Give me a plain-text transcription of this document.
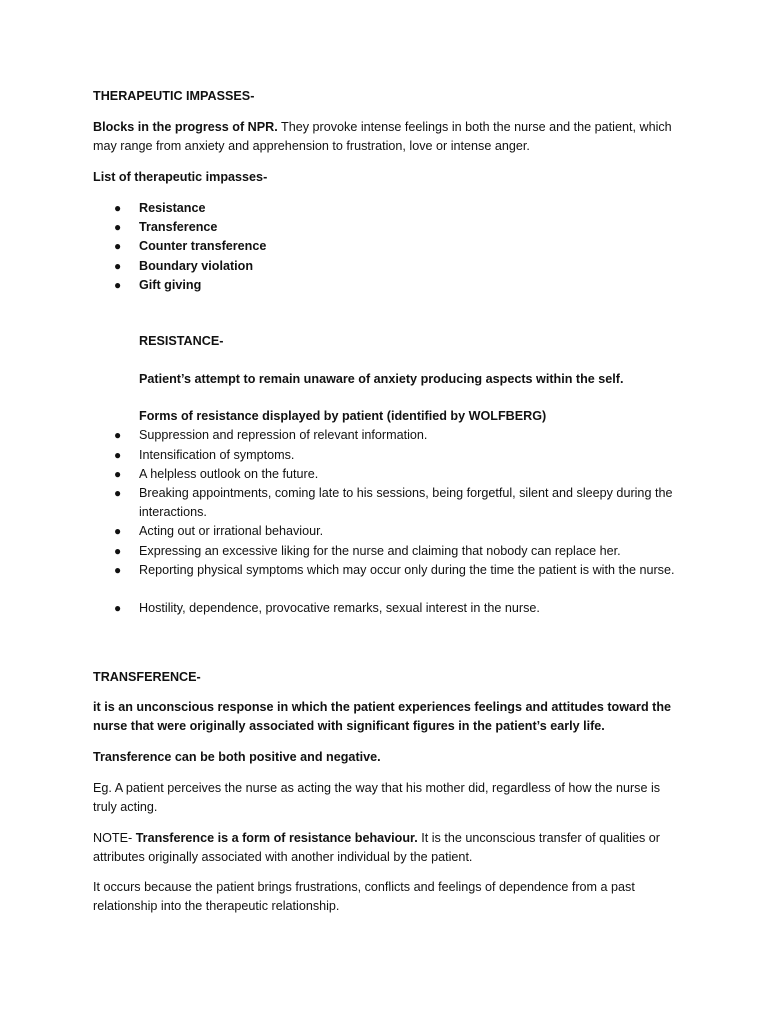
THERAPEUTIC IMPASSES-

Blocks in the progress of NPR. They provoke intense feelings in both the nurse and the patient, which may range from anxiety and apprehension to frustration, love or intense anger.

List of therapeutic impasses-

● Resistance
● Transference
● Counter transference
● Boundary violation
● Gift giving

RESISTANCE-

Patient’s attempt to remain unaware of anxiety producing aspects within the self.

Forms of resistance displayed by patient (identified by WOLFBERG)

● Suppression and repression of relevant information.
● Intensification of symptoms.
● A helpless outlook on the future.
● Breaking appointments, coming late to his sessions, being forgetful, silent and sleepy during the interactions.
● Acting out or irrational behaviour.
● Expressing an excessive liking for the nurse and claiming that nobody can replace her.
● Reporting physical symptoms which may occur only during the time the patient is with the nurse.
● Hostility, dependence, provocative remarks, sexual interest in the nurse.

TRANSFERENCE-

it is an unconscious response in which the patient experiences feelings and attitudes toward the nurse that were originally associated with significant figures in the patient’s early life.

Transference can be both positive and negative.

Eg. A patient perceives the nurse as acting the way that his mother did, regardless of how the nurse is truly acting.

NOTE- Transference is a form of resistance behaviour. It is the unconscious transfer of qualities or attributes originally associated with another individual by the patient.

It occurs because the patient brings frustrations, conflicts and feelings of dependence from a past relationship into the therapeutic relationship.
